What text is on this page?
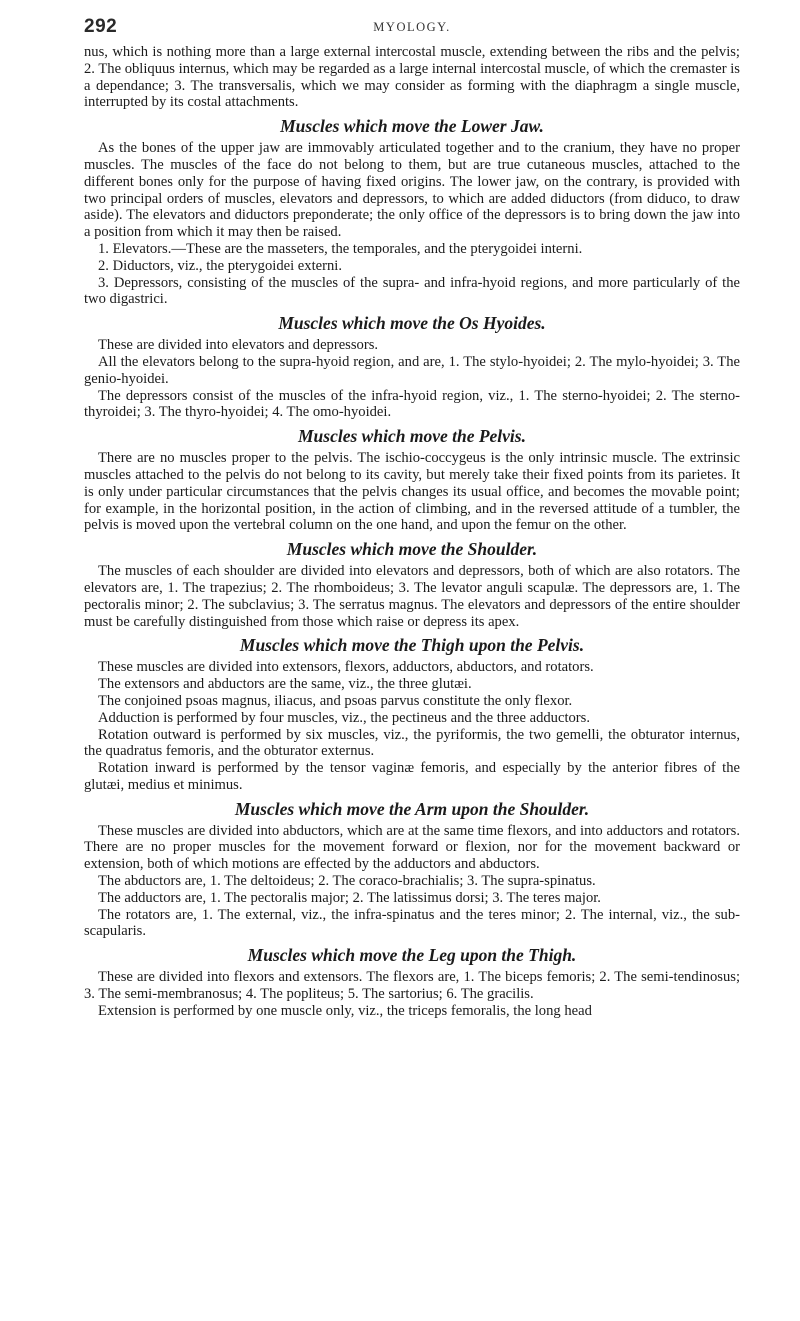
292	MYOLOGY.

nus, which is nothing more than a large external intercostal muscle, extending between the ribs and the pelvis; 2. The obliquus internus, which may be regarded as a large internal intercostal muscle, of which the cremaster is a dependance; 3. The transversalis, which we may consider as forming with the diaphragm a single muscle, interrupted by its costal attachments.

Muscles which move the Lower Jaw.

As the bones of the upper jaw are immovably articulated together and to the cranium, they have no proper muscles. The muscles of the face do not belong to them, but are true cutaneous muscles, attached to the different bones only for the purpose of having fixed origins. The lower jaw, on the contrary, is provided with two principal orders of muscles, elevators and depressors, to which are added diductors (from diduco, to draw aside). The elevators and diductors preponderate; the only office of the depressors is to bring down the jaw into a position from which it may then be raised.

1. Elevators.—These are the masseters, the temporales, and the pterygoidei interni.

2. Diductors, viz., the pterygoidei externi.

3. Depressors, consisting of the muscles of the supra- and infra-hyoid regions, and more particularly of the two digastrici.

Muscles which move the Os Hyoides.

These are divided into elevators and depressors.

All the elevators belong to the supra-hyoid region, and are, 1. The stylo-hyoidei; 2. The mylo-hyoidei; 3. The genio-hyoidei.

The depressors consist of the muscles of the infra-hyoid region, viz., 1. The sterno-hyoidei; 2. The sterno-thyroidei; 3. The thyro-hyoidei; 4. The omo-hyoidei.

Muscles which move the Pelvis.

There are no muscles proper to the pelvis. The ischio-coccygeus is the only intrinsic muscle. The extrinsic muscles attached to the pelvis do not belong to its cavity, but merely take their fixed points from its parietes. It is only under particular circumstances that the pelvis changes its usual office, and becomes the movable point; for example, in the horizontal position, in the action of climbing, and in the reversed attitude of a tumbler, the pelvis is moved upon the vertebral column on the one hand, and upon the femur on the other.

Muscles which move the Shoulder.

The muscles of each shoulder are divided into elevators and depressors, both of which are also rotators. The elevators are, 1. The trapezius; 2. The rhomboideus; 3. The levator anguli scapulæ. The depressors are, 1. The pectoralis minor; 2. The subclavius; 3. The serratus magnus. The elevators and depressors of the entire shoulder must be carefully distinguished from those which raise or depress its apex.

Muscles which move the Thigh upon the Pelvis.

These muscles are divided into extensors, flexors, adductors, abductors, and rotators.

The extensors and abductors are the same, viz., the three glutæi.

The conjoined psoas magnus, iliacus, and psoas parvus constitute the only flexor.

Adduction is performed by four muscles, viz., the pectineus and the three adductors.

Rotation outward is performed by six muscles, viz., the pyriformis, the two gemelli, the obturator internus, the quadratus femoris, and the obturator externus.

Rotation inward is performed by the tensor vaginæ femoris, and especially by the anterior fibres of the glutæi, medius et minimus.

Muscles which move the Arm upon the Shoulder.

These muscles are divided into abductors, which are at the same time flexors, and into adductors and rotators. There are no proper muscles for the movement forward or flexion, nor for the movement backward or extension, both of which motions are effected by the adductors and abductors.

The abductors are, 1. The deltoideus; 2. The coraco-brachialis; 3. The supra-spinatus.

The adductors are, 1. The pectoralis major; 2. The latissimus dorsi; 3. The teres major.

The rotators are, 1. The external, viz., the infra-spinatus and the teres minor; 2. The internal, viz., the sub-scapularis.

Muscles which move the Leg upon the Thigh.

These are divided into flexors and extensors. The flexors are, 1. The biceps femoris; 2. The semi-tendinosus; 3. The semi-membranosus; 4. The popliteus; 5. The sartorius; 6. The gracilis.

Extension is performed by one muscle only, viz., the triceps femoralis, the long head
